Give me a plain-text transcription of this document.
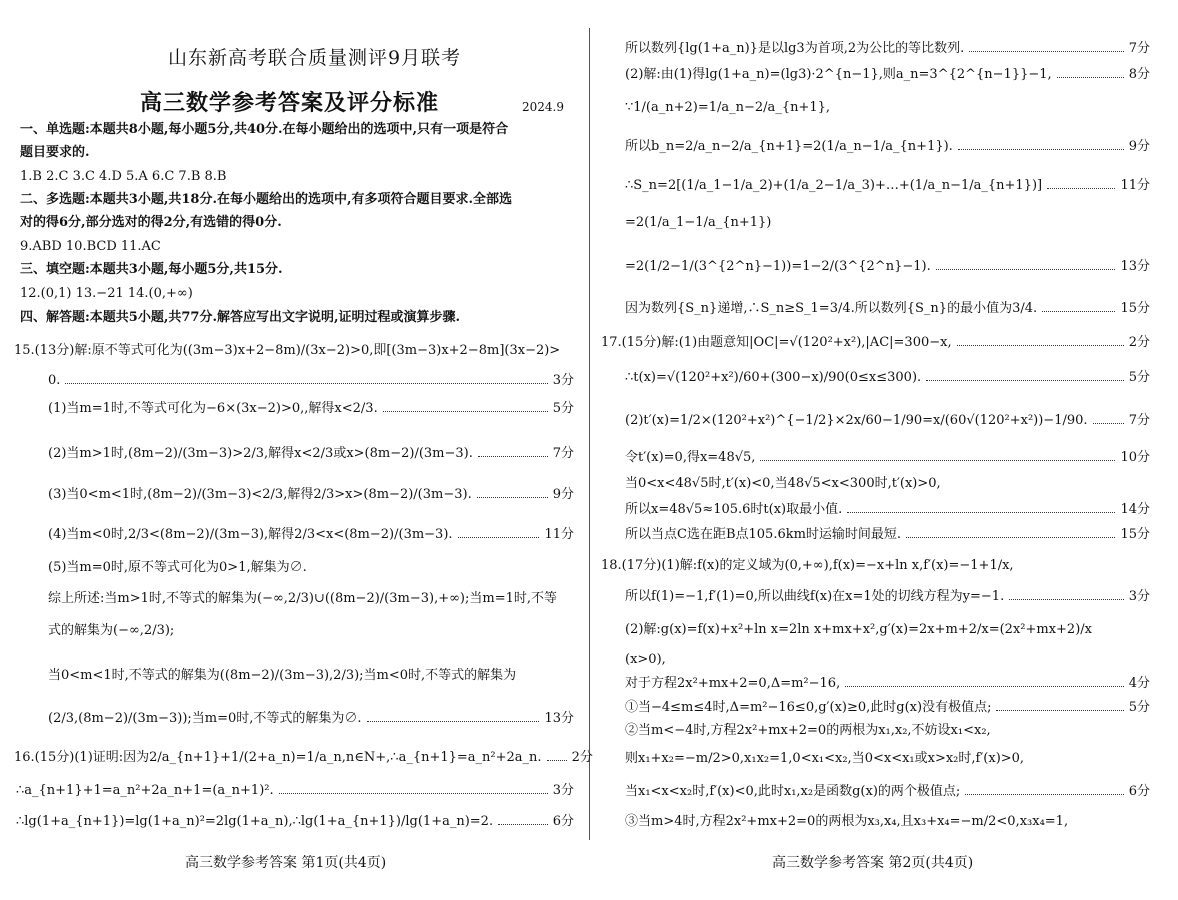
山东新高考联合质量测评9月联考
高三数学参考答案及评分标准	2024.9
一、单选题:本题共8小题,每小题5分,共40分.在每小题给出的选项中,只有一项是符合
题目要求的.
1.B 2.C 3.C 4.D 5.A 6.C 7.B 8.B
二、多选题:本题共3小题,共18分.在每小题给出的选项中,有多项符合题目要求.全部选
对的得6分,部分选对的得2分,有选错的得0分.
9.ABD 10.BCD 11.AC
三、填空题:本题共3小题,每小题5分,共15分.
12.(0,1) 13.−21 14.(0,+∞)
四、解答题:本题共5小题,共77分.解答应写出文字说明,证明过程或演算步骤.
15.(13分)解:原不等式可化为((3m−3)x+2−8m)/(3x−2)>0,即[(3m−3)x+2−8m](3x−2)>
0.	3分
(1)当m=1时,不等式可化为−6×(3x−2)>0,,解得x<2/3.	5分
(2)当m>1时,(8m−2)/(3m−3)>2/3,解得x<2/3或x>(8m−2)/(3m−3).	7分
(3)当0<m<1时,(8m−2)/(3m−3)<2/3,解得2/3>x>(8m−2)/(3m−3).	9分
(4)当m<0时,2/3<(8m−2)/(3m−3),解得2/3<x<(8m−2)/(3m−3).	11分
(5)当m=0时,原不等式可化为0>1,解集为∅.
综上所述:当m>1时,不等式的解集为(−∞,2/3)∪((8m−2)/(3m−3),+∞);当m=1时,不等
式的解集为(−∞,2/3);
当0<m<1时,不等式的解集为((8m−2)/(3m−3),2/3);当m<0时,不等式的解集为
(2/3,(8m−2)/(3m−3));当m=0时,不等式的解集为∅.	13分
16.(15分)(1)证明:因为2/a_{n+1}+1/(2+a_n)=1/a_n,n∈N+,∴a_{n+1}=a_n²+2a_n. 2分
∴a_{n+1}+1=a_n²+2a_n+1=(a_n+1)².	3分
∴lg(1+a_{n+1})=lg(1+a_n)²=2lg(1+a_n),∴lg(1+a_{n+1})/lg(1+a_n)=2.	6分
所以数列{lg(1+a_n)}是以lg3为首项,2为公比的等比数列.	7分
(2)解:由(1)得lg(1+a_n)=(lg3)·2^{n−1},则a_n=3^{2^{n−1}}−1,	8分
∵1/(a_n+2)=1/a_n−2/a_{n+1},
所以b_n=2/a_n−2/a_{n+1}=2(1/a_n−1/a_{n+1}).	9分
∴S_n=2[(1/a_1−1/a_2)+(1/a_2−1/a_3)+…+(1/a_n−1/a_{n+1})]	11分
=2(1/a_1−1/a_{n+1})
=2(1/2−1/(3^{2^n}−1))=1−2/(3^{2^n}−1).	13分
因为数列{S_n}递增,∴S_n≥S_1=3/4.所以数列{S_n}的最小值为3/4.	15分
17.(15分)解:(1)由题意知|OC|=√(120²+x²),|AC|=300−x,	2分
∴t(x)=√(120²+x²)/60+(300−x)/90(0≤x≤300).	5分
(2)t′(x)=1/2×(120²+x²)^{−1/2}×2x/60−1/90=x/(60√(120²+x²))−1/90.	7分
令t′(x)=0,得x=48√5,	10分
当0<x<48√5时,t′(x)<0,当48√5<x<300时,t′(x)>0,
所以x=48√5≈105.6时t(x)取最小值.	14分
所以当点C选在距B点105.6km时运输时间最短.	15分
18.(17分)(1)解:f(x)的定义域为(0,+∞),f(x)=−x+ln x,f′(x)=−1+1/x,
所以f(1)=−1,f′(1)=0,所以曲线f(x)在x=1处的切线方程为y=−1.	3分
(2)解:g(x)=f(x)+x²+ln x=2ln x+mx+x²,g′(x)=2x+m+2/x=(2x²+mx+2)/x
(x>0),
对于方程2x²+mx+2=0,Δ=m²−16,	4分
①当−4≤m≤4时,Δ=m²−16≤0,g′(x)≥0,此时g(x)没有极值点;	5分
②当m<−4时,方程2x²+mx+2=0的两根为x₁,x₂,不妨设x₁<x₂,
则x₁+x₂=−m/2>0,x₁x₂=1,0<x₁<x₂,当0<x<x₁或x>x₂时,f′(x)>0,
当x₁<x<x₂时,f′(x)<0,此时x₁,x₂是函数g(x)的两个极值点;	6分
③当m>4时,方程2x²+mx+2=0的两根为x₃,x₄,且x₃+x₄=−m/2<0,x₃x₄=1,
高三数学参考答案 第1页(共4页)	高三数学参考答案 第2页(共4页)
